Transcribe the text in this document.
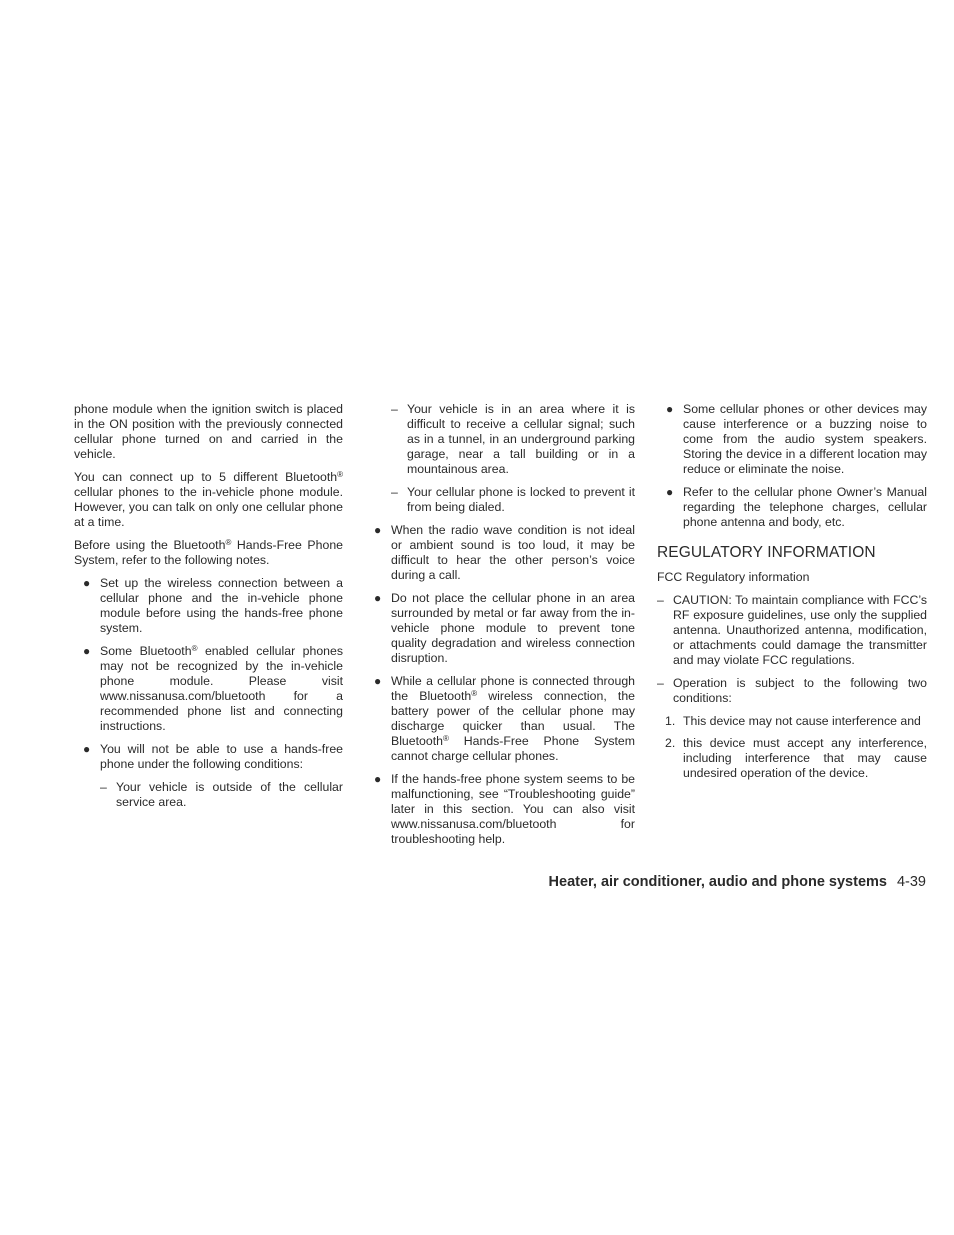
phone module when the ignition switch is placed in the ON position with the previously connected cellular phone turned on and carried in the vehicle.

You can connect up to 5 different Bluetooth® cellular phones to the in-vehicle phone module. However, you can talk on only one cellular phone at a time.

Before using the Bluetooth® Hands-Free Phone System, refer to the following notes.

● Set up the wireless connection between a cellular phone and the in-vehicle phone module before using the hands-free phone system.
● Some Bluetooth® enabled cellular phones may not be recognized by the in-vehicle phone module. Please visit www.nissanusa.com/bluetooth for a recommended phone list and connecting instructions.
● You will not be able to use a hands-free phone under the following conditions:
– Your vehicle is outside of the cellular service area.
– Your vehicle is in an area where it is difficult to receive a cellular signal; such as in a tunnel, in an underground parking garage, near a tall building or in a mountainous area.
– Your cellular phone is locked to prevent it from being dialed.
● When the radio wave condition is not ideal or ambient sound is too loud, it may be difficult to hear the other person’s voice during a call.
● Do not place the cellular phone in an area surrounded by metal or far away from the in-vehicle phone module to prevent tone quality degradation and wireless connection disruption.
● While a cellular phone is connected through the Bluetooth® wireless connection, the battery power of the cellular phone may discharge quicker than usual. The Bluetooth® Hands-Free Phone System cannot charge cellular phones.
● If the hands-free phone system seems to be malfunctioning, see “Troubleshooting guide” later in this section. You can also visit www.nissanusa.com/bluetooth for troubleshooting help.
● Some cellular phones or other devices may cause interference or a buzzing noise to come from the audio system speakers. Storing the device in a different location may reduce or eliminate the noise.
● Refer to the cellular phone Owner’s Manual regarding the telephone charges, cellular phone antenna and body, etc.
REGULATORY INFORMATION
FCC Regulatory information
– CAUTION: To maintain compliance with FCC’s RF exposure guidelines, use only the supplied antenna. Unauthorized antenna, modification, or attachments could damage the transmitter and may violate FCC regulations.
– Operation is subject to the following two conditions:
1. This device may not cause interference and
2. this device must accept any interference, including interference that may cause undesired operation of the device.
Heater, air conditioner, audio and phone systems 4-39
